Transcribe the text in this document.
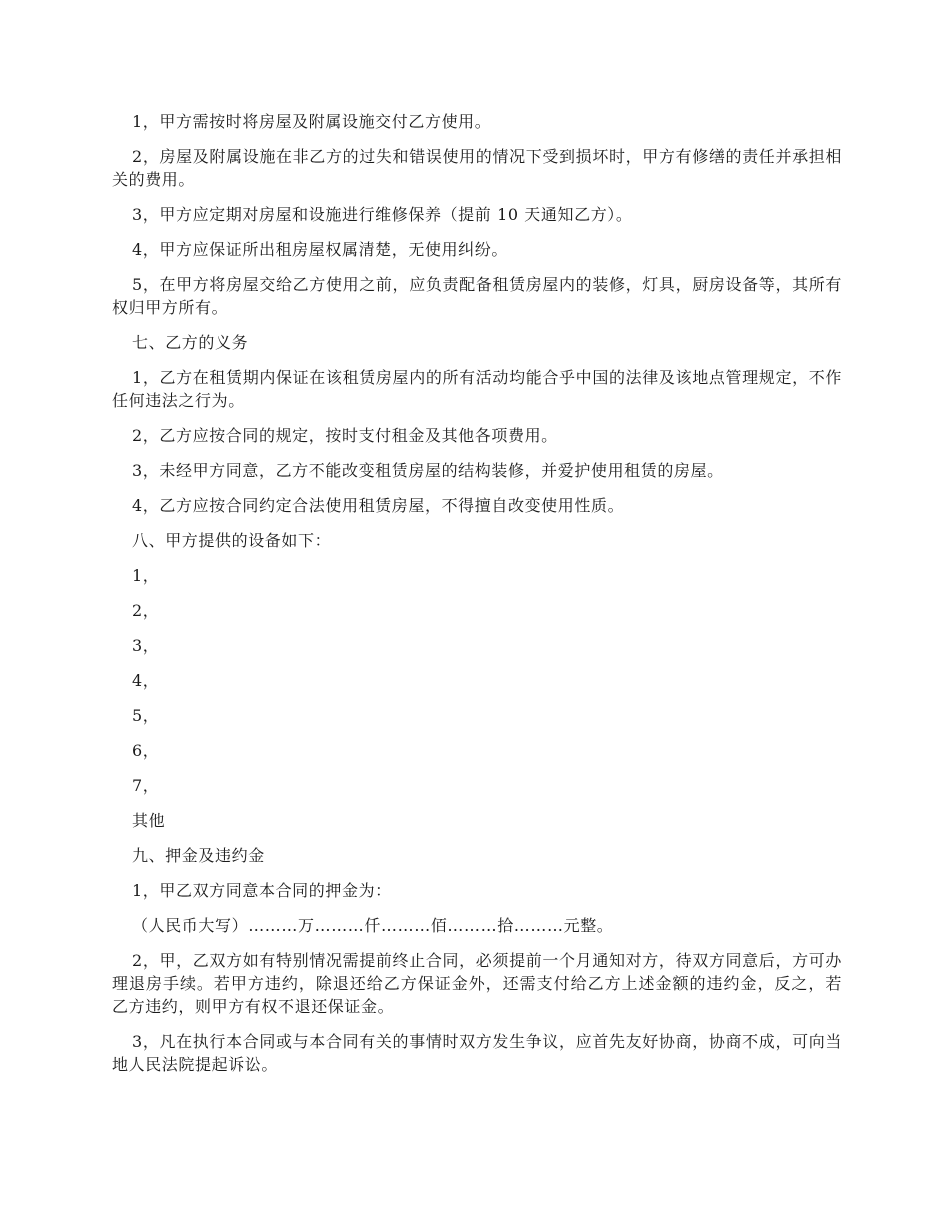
1，甲方需按时将房屋及附属设施交付乙方使用。

2，房屋及附属设施在非乙方的过失和错误使用的情况下受到损坏时，甲方有修缮的责任并承担相关的费用。

3，甲方应定期对房屋和设施进行维修保养（提前 10 天通知乙方）。

4，甲方应保证所出租房屋权属清楚，无使用纠纷。

5，在甲方将房屋交给乙方使用之前，应负责配备租赁房屋内的装修，灯具，厨房设备等，其所有权归甲方所有。

七、乙方的义务

1，乙方在租赁期内保证在该租赁房屋内的所有活动均能合乎中国的法律及该地点管理规定，不作任何违法之行为。

2，乙方应按合同的规定，按时支付租金及其他各项费用。

3，未经甲方同意，乙方不能改变租赁房屋的结构装修，并爱护使用租赁的房屋。

4，乙方应按合同约定合法使用租赁房屋，不得擅自改变使用性质。

八、甲方提供的设备如下：

1，

2，

3，

4，

5，

6，

7，

其他

九、押金及违约金

1，甲乙双方同意本合同的押金为：

（人民币大写）………万………仟………佰………拾………元整。

2，甲，乙双方如有特别情况需提前终止合同，必须提前一个月通知对方，待双方同意后，方可办理退房手续。若甲方违约，除退还给乙方保证金外，还需支付给乙方上述金额的违约金，反之，若乙方违约，则甲方有权不退还保证金。

3，凡在执行本合同或与本合同有关的事情时双方发生争议，应首先友好协商，协商不成，可向当地人民法院提起诉讼。
